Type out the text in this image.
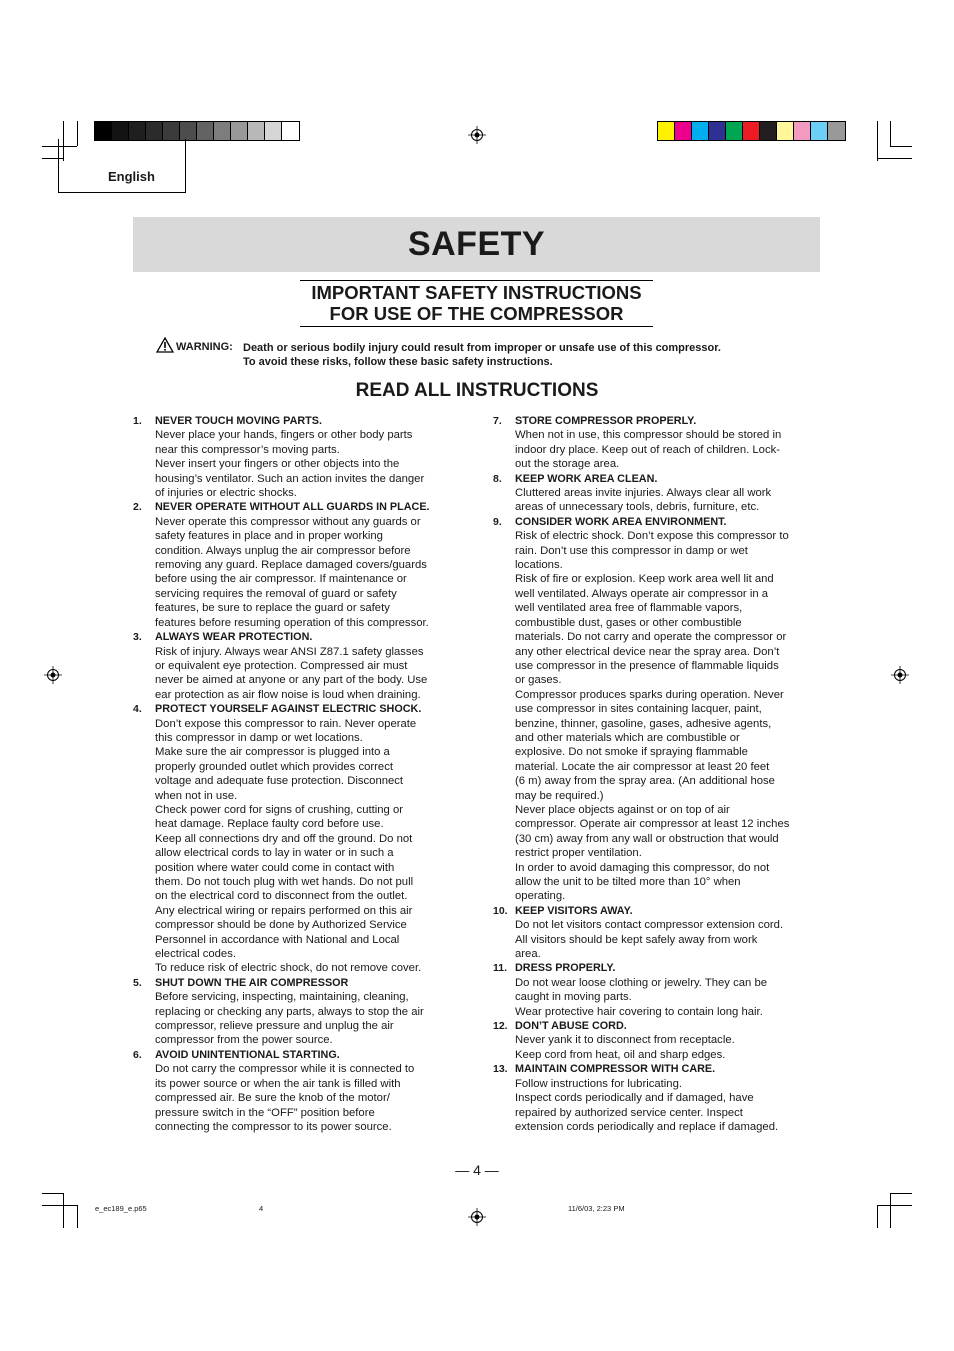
English
SAFETY
IMPORTANT SAFETY INSTRUCTIONS
FOR USE OF THE COMPRESSOR
WARNING: Death or serious bodily injury could result from improper or unsafe use of this compressor.
To avoid these risks, follow these basic safety instructions.
READ ALL INSTRUCTIONS
1. NEVER TOUCH MOVING PARTS.
Never place your hands, fingers or other body parts
near this compressor’s moving parts.
Never insert your fingers or other objects into the
housing’s ventilator. Such an action invites the danger
of injuries or electric shocks.
2. NEVER OPERATE WITHOUT ALL GUARDS IN PLACE.
Never operate this compressor without any guards or
safety features in place and in proper working
condition. Always unplug the air compressor before
removing any guard. Replace damaged covers/guards
before using the air compressor. If maintenance or
servicing requires the removal of guard or safety
features, be sure to replace the guard or safety
features before resuming operation of this compressor.
3. ALWAYS WEAR PROTECTION.
Risk of injury. Always wear ANSI Z87.1 safety glasses
or equivalent eye protection. Compressed air must
never be aimed at anyone or any part of the body. Use
ear protection as air flow noise is loud when draining.
4. PROTECT YOURSELF AGAINST ELECTRIC SHOCK.
Don’t expose this compressor to rain. Never operate
this compressor in damp or wet locations.
Make sure the air compressor is plugged into a
properly grounded outlet which provides correct
voltage and adequate fuse protection. Disconnect
when not in use.
Check power cord for signs of crushing, cutting or
heat damage. Replace faulty cord before use.
Keep all connections dry and off the ground. Do not
allow electrical cords to lay in water or in such a
position where water could come in contact with
them. Do not touch plug with wet hands. Do not pull
on the electrical cord to disconnect from the outlet.
Any electrical wiring or repairs performed on this air
compressor should be done by Authorized Service
Personnel in accordance with National and Local
electrical codes.
To reduce risk of electric shock, do not remove cover.
5. SHUT DOWN THE AIR COMPRESSOR
Before servicing, inspecting, maintaining, cleaning,
replacing or checking any parts, always to stop the air
compressor, relieve pressure and unplug the air
compressor from the power source.
6. AVOID UNINTENTIONAL STARTING.
Do not carry the compressor while it is connected to
its power source or when the air tank is filled with
compressed air. Be sure the knob of the motor/
pressure switch in the “OFF” position before
connecting the compressor to its power source.
7. STORE COMPRESSOR PROPERLY.
When not in use, this compressor should be stored in
indoor dry place. Keep out of reach of children. Lock-
out the storage area.
8. KEEP WORK AREA CLEAN.
Cluttered areas invite injuries. Always clear all work
areas of unnecessary tools, debris, furniture, etc.
9. CONSIDER WORK AREA ENVIRONMENT.
Risk of electric shock. Don’t expose this compressor to
rain. Don’t use this compressor in damp or wet
locations.
Risk of fire or explosion. Keep work area well lit and
well ventilated. Always operate air compressor in a
well ventilated area free of flammable vapors,
combustible dust, gases or other combustible
materials. Do not carry and operate the compressor or
any other electrical device near the spray area. Don’t
use compressor in the presence of flammable liquids
or gases.
Compressor produces sparks during operation. Never
use compressor in sites containing lacquer, paint,
benzine, thinner, gasoline, gases, adhesive agents,
and other materials which are combustible or
explosive. Do not smoke if spraying flammable
material. Locate the air compressor at least 20 feet
(6 m) away from the spray area. (An additional hose
may be required.)
Never place objects against or on top of air
compressor. Operate air compressor at least 12 inches
(30 cm) away from any wall or obstruction that would
restrict proper ventilation.
In order to avoid damaging this compressor, do not
allow the unit to be tilted more than 10° when
operating.
10. KEEP VISITORS AWAY.
Do not let visitors contact compressor extension cord.
All visitors should be kept safely away from work
area.
11. DRESS PROPERLY.
Do not wear loose clothing or jewelry. They can be
caught in moving parts.
Wear protective hair covering to contain long hair.
12. DON’T ABUSE CORD.
Never yank it to disconnect from receptacle.
Keep cord from heat, oil and sharp edges.
13. MAINTAIN COMPRESSOR WITH CARE.
Follow instructions for lubricating.
Inspect cords periodically and if damaged, have
repaired by authorized service center. Inspect
extension cords periodically and replace if damaged.
— 4 —
e_ec189_e.p65	4	11/6/03, 2:23 PM
